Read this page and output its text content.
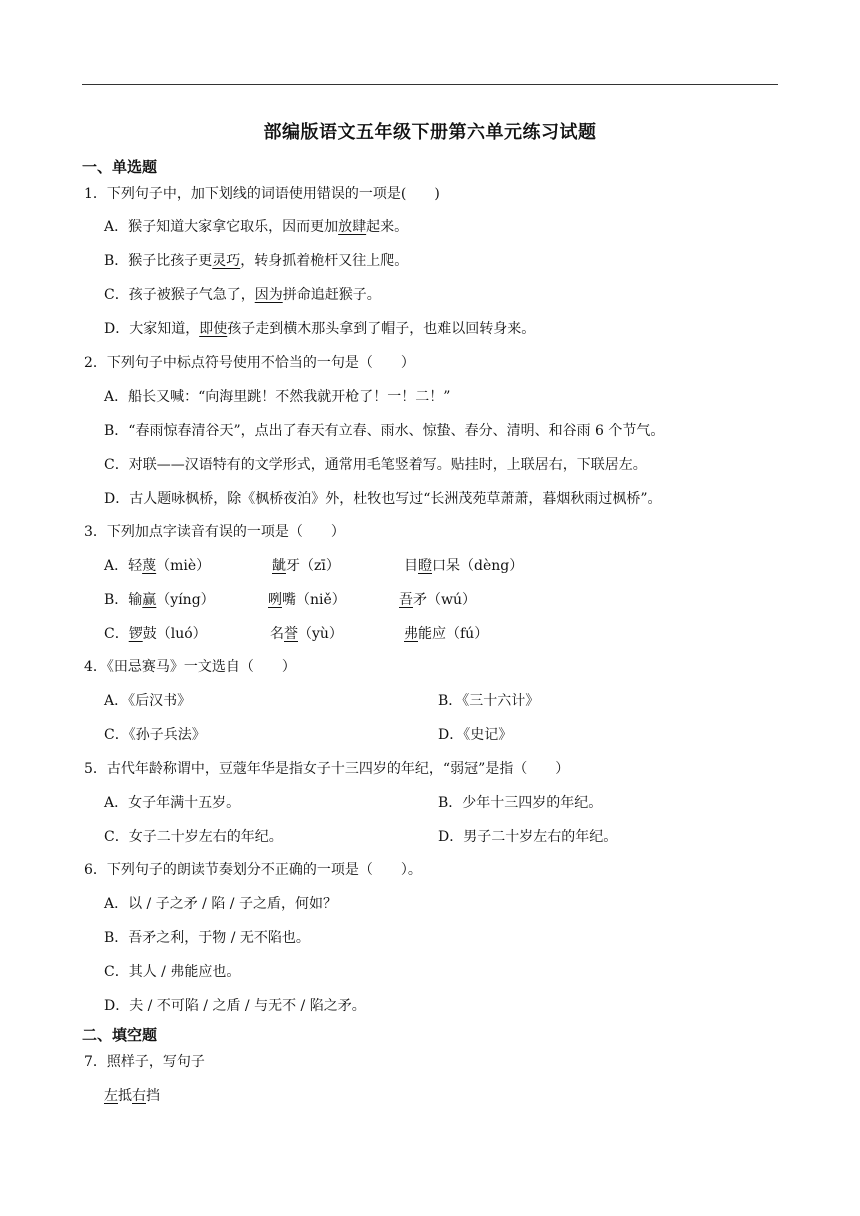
部编版语文五年级下册第六单元练习试题
一、单选题
1．下列句子中，加下划线的词语使用错误的一项是(　　)
A．猴子知道大家拿它取乐，因而更加放肆起来。
B．猴子比孩子更灵巧，转身抓着桅杆又往上爬。
C．孩子被猴子气急了，因为拼命追赶猴子。
D．大家知道，即使孩子走到横木那头拿到了帽子，也难以回转身来。
2．下列句子中标点符号使用不恰当的一句是（　　）
A．船长又喊：“向海里跳！不然我就开枪了！一！二！”
B．“春雨惊春清谷天”，点出了春天有立春、雨水、惊蛰、春分、清明、和谷雨 6 个节气。
C．对联——汉语特有的文学形式，通常用毛笔竖着写。贴挂时，上联居右，下联居左。
D．古人题咏枫桥，除《枫桥夜泊》外，杜牧也写过“长洲茂苑草萧萧，暮烟秋雨过枫桥”。
3．下列加点字读音有误的一项是（　　）
A．轻蔑（miè）	龇牙（zī）	目瞪口呆（dèng）
B．输赢（yíng）	咧嘴（niě）	吾矛（wú）
C．锣鼓（luó）	名誉（yù）	弗能应（fú）
4．《田忌赛马》一文选自（　　）
A．《后汉书》	B．《三十六计》
C．《孙子兵法》	D．《史记》
5．古代年龄称谓中，豆蔻年华是指女子十三四岁的年纪，“弱冠”是指（　　）
A．女子年满十五岁。	B．少年十三四岁的年纪。
C．女子二十岁左右的年纪。	D．男子二十岁左右的年纪。
6．下列句子的朗读节奏划分不正确的一项是（　　）。
A．以 / 子之矛 / 陷 / 子之盾，何如？
B．吾矛之利，于物 / 无不陷也。
C．其人 / 弗能应也。
D．夫 / 不可陷 / 之盾 / 与无不 / 陷之矛。
二、填空题
7．照样子，写句子
左抵右挡
